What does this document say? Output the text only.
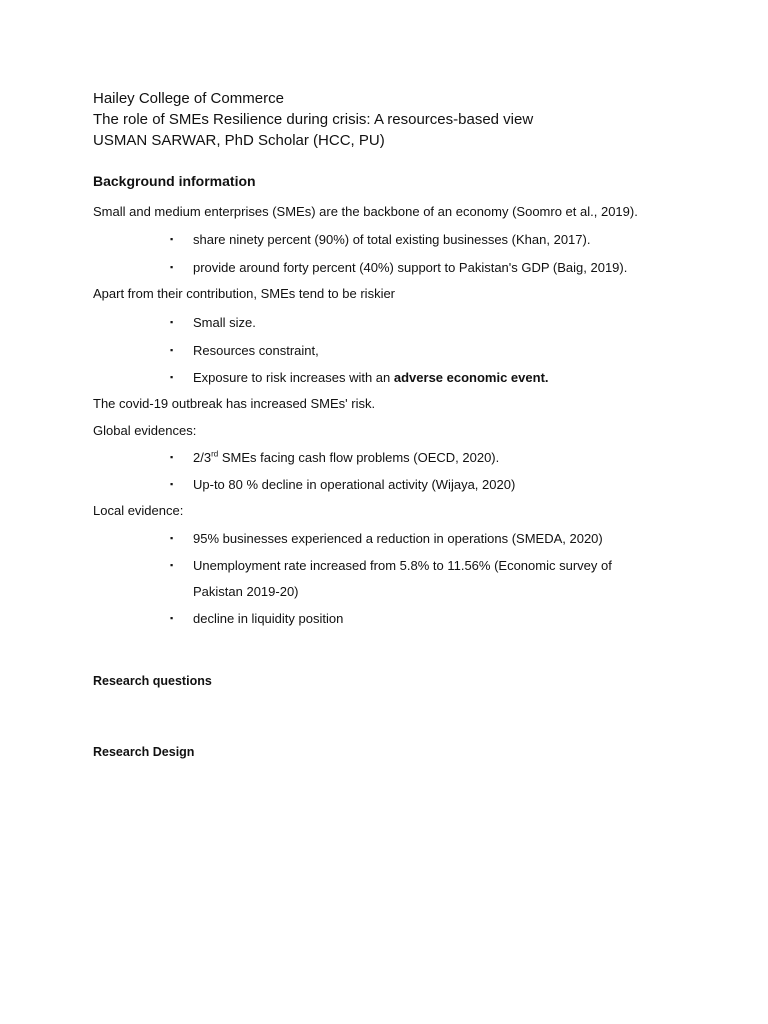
Hailey College of Commerce
The role of SMEs Resilience during crisis: A resources-based view
USMAN SARWAR, PhD Scholar (HCC, PU)
Background information
Small and medium enterprises (SMEs) are the backbone of an economy (Soomro et al., 2019).
▪ share ninety percent (90%) of total existing businesses (Khan, 2017).
▪ provide around forty percent (40%) support to Pakistan's GDP (Baig, 2019).
Apart from their contribution, SMEs tend to be riskier
▪ Small size.
▪ Resources constraint,
▪ Exposure to risk increases with an adverse economic event.
The covid-19 outbreak has increased SMEs' risk.
Global evidences:
▪ 2/3rd SMEs facing cash flow problems (OECD, 2020).
▪ Up-to 80 % decline in operational activity (Wijaya, 2020)
Local evidence:
▪ 95% businesses experienced a reduction in operations (SMEDA, 2020)
▪ Unemployment rate increased from 5.8% to 11.56% (Economic survey of
Pakistan 2019-20)
▪ decline in liquidity position
Research questions
Research Design
